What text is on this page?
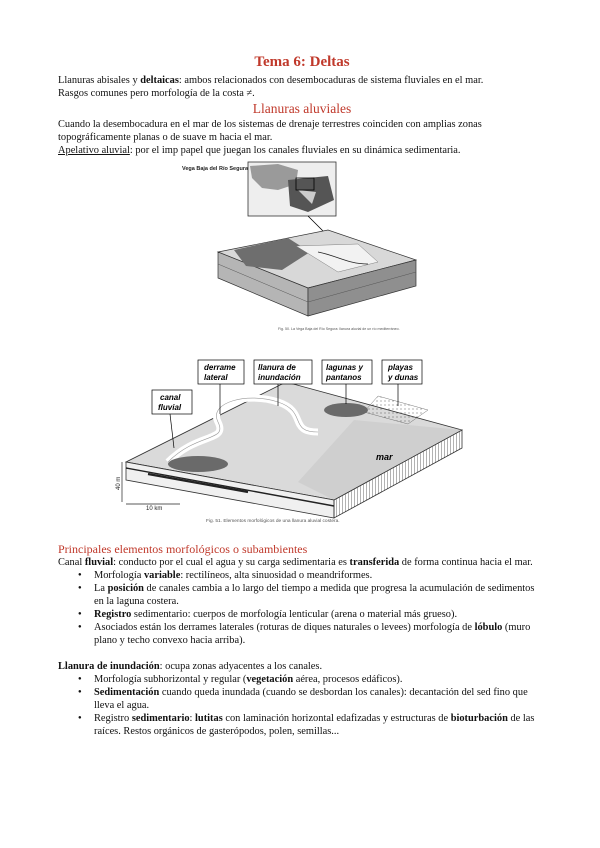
Tema 6: Deltas

Llanuras abisales y deltaicas: ambos relacionados con desembocaduras de sistema fluviales en el mar.

Rasgos comunes pero morfología de la costa ≠.

Llanuras aluviales

Cuando la desembocadura en el mar de los sistemas de drenaje terrestres coinciden con amplias zonas topográficamente planas o de suave m hacia el mar.

Apelativo aluvial: por el imp papel que juegan los canales fluviales en su dinámica sedimentaria.

Vega Baja del Río Segura
Fig. 50. La Vega Baja del Río Segura: llanura aluvial de un río mediterráneo.
40 m
10 km
derrame
lateral
llanura de
inundación
lagunas y
pantanos
playas
y dunas
canal
fluvial
mar
Fig. 51. Elementos morfológicos de una llanura aluvial costera.
Principales elementos morfológicos o subambientes

Canal fluvial: conducto por el cual el agua y su carga sedimentaria es transferida de forma continua hacia el mar.

● Morfología variable: rectilíneos, alta sinuosidad o meandriformes.
● La posición de canales cambia a lo largo del tiempo a medida que progresa la acumulación de sedimentos en la laguna costera.
● Registro sedimentario: cuerpos de morfología lenticular (arena o material más grueso).
● Asociados están los derrames laterales (roturas de diques naturales o levees) morfología de lóbulo (muro plano y techo convexo hacia arriba).

Llanura de inundación: ocupa zonas adyacentes a los canales.

● Morfología subhorizontal y regular (vegetación aérea, procesos edáficos).
● Sedimentación cuando queda inundada (cuando se desbordan los canales): decantación del sed fino que lleva el agua.
● Registro sedimentario: lutitas con laminación horizontal edafizadas y estructuras de bioturbación de las raíces. Restos orgánicos de gasterópodos, polen, semillas...
